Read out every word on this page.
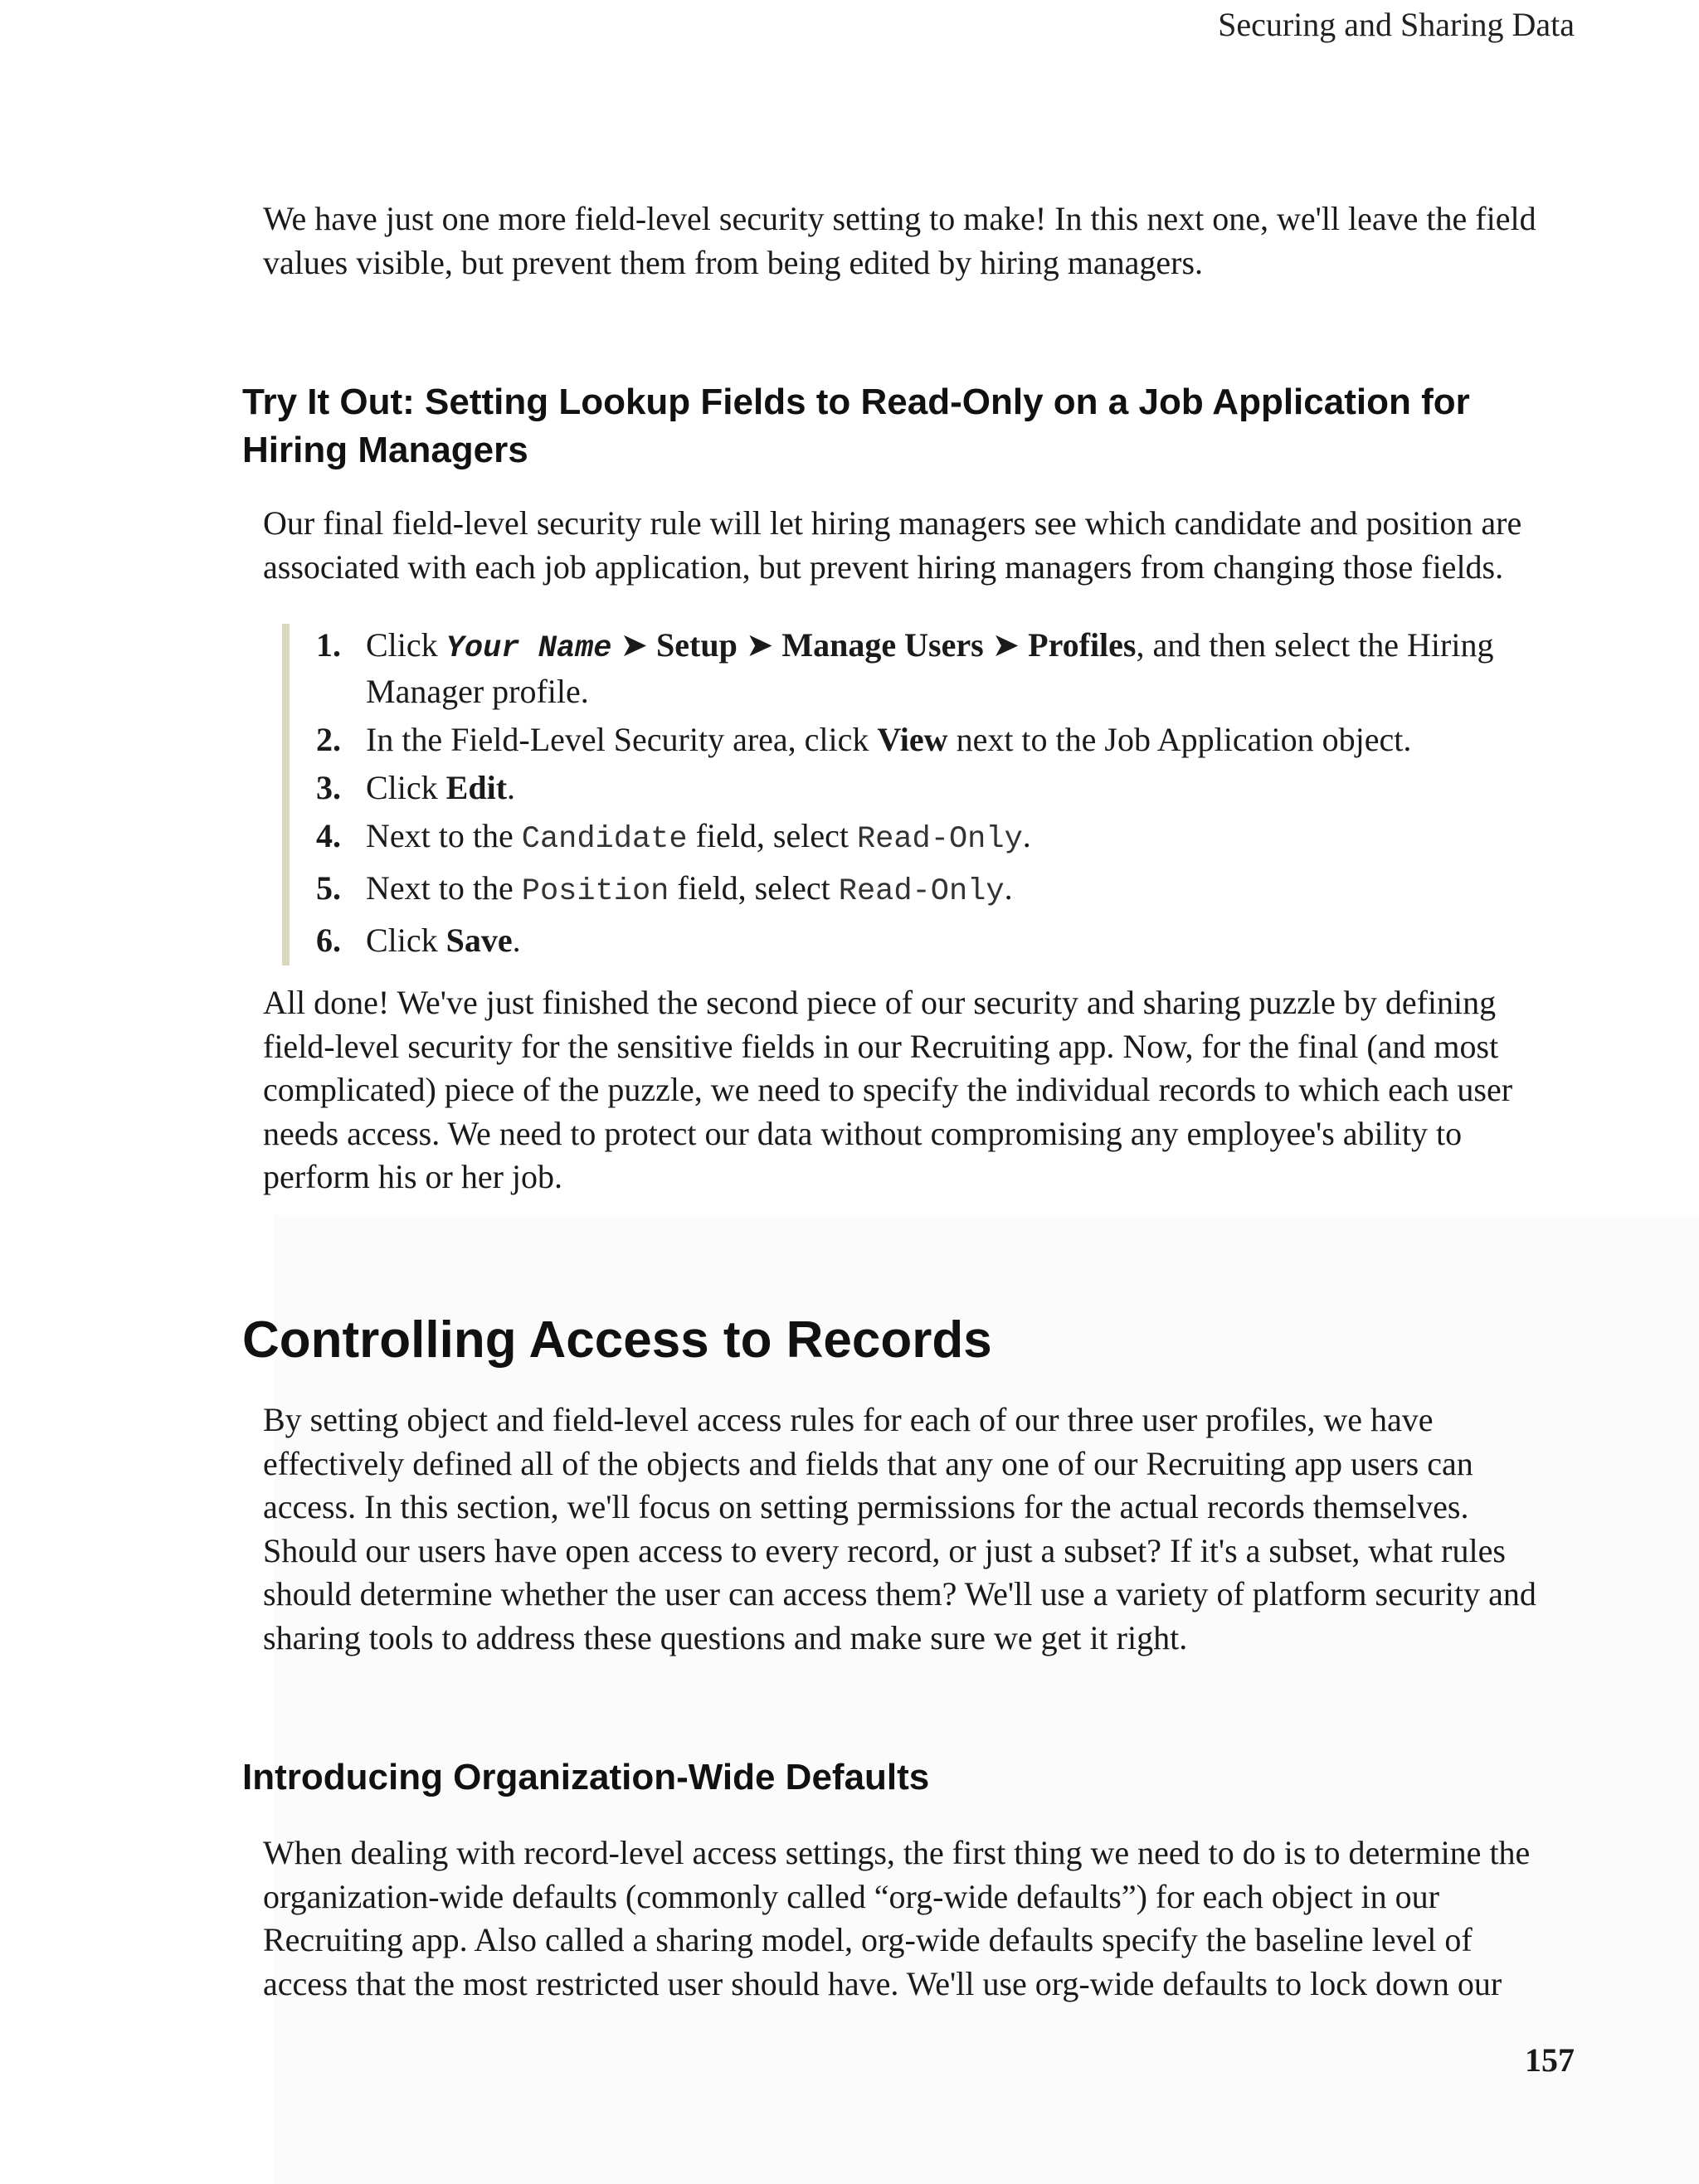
Securing and Sharing Data

We have just one more field-level security setting to make! In this next one, we'll leave the field values visible, but prevent them from being edited by hiring managers.

Try It Out: Setting Lookup Fields to Read-Only on a Job Application for Hiring Managers

Our final field-level security rule will let hiring managers see which candidate and position are associated with each job application, but prevent hiring managers from changing those fields.

1. Click Your Name ➤ Setup ➤ Manage Users ➤ Profiles, and then select the Hiring Manager profile.
2. In the Field-Level Security area, click View next to the Job Application object.
3. Click Edit.
4. Next to the Candidate field, select Read-Only.
5. Next to the Position field, select Read-Only.
6. Click Save.

All done! We've just finished the second piece of our security and sharing puzzle by defining field-level security for the sensitive fields in our Recruiting app. Now, for the final (and most complicated) piece of the puzzle, we need to specify the individual records to which each user needs access. We need to protect our data without compromising any employee's ability to perform his or her job.

Controlling Access to Records

By setting object and field-level access rules for each of our three user profiles, we have effectively defined all of the objects and fields that any one of our Recruiting app users can access. In this section, we'll focus on setting permissions for the actual records themselves. Should our users have open access to every record, or just a subset? If it's a subset, what rules should determine whether the user can access them? We'll use a variety of platform security and sharing tools to address these questions and make sure we get it right.

Introducing Organization-Wide Defaults

When dealing with record-level access settings, the first thing we need to do is to determine the organization-wide defaults (commonly called “org-wide defaults”) for each object in our Recruiting app. Also called a sharing model, org-wide defaults specify the baseline level of access that the most restricted user should have. We'll use org-wide defaults to lock down our

157
